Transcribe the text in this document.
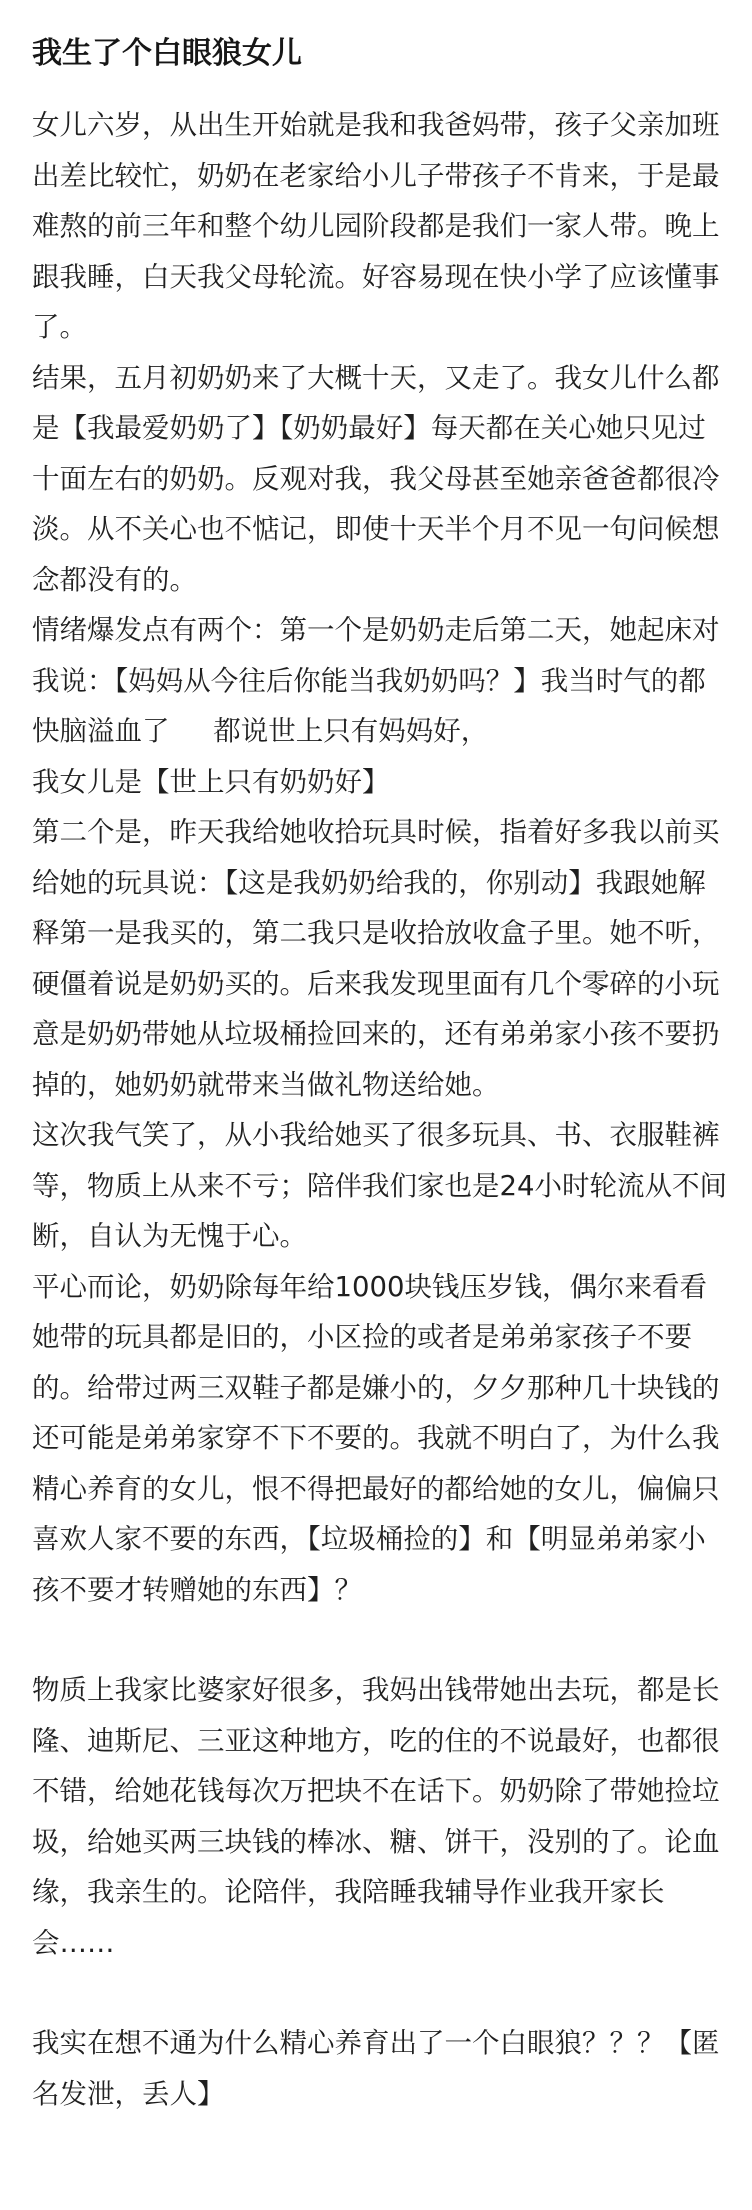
我生了个白眼狼女儿

女儿六岁，从出生开始就是我和我爸妈带，孩子父亲加班出差比较忙，奶奶在老家给小儿子带孩子不肯来，于是最难熬的前三年和整个幼儿园阶段都是我们一家人带。晚上跟我睡，白天我父母轮流。好容易现在快小学了应该懂事了。

结果，五月初奶奶来了大概十天，又走了。我女儿什么都是【我最爱奶奶了】【奶奶最好】每天都在关心她只见过十面左右的奶奶。反观对我，我父母甚至她亲爸爸都很冷淡。从不关心也不惦记，即使十天半个月不见一句问候想念都没有的。

情绪爆发点有两个：第一个是奶奶走后第二天，她起床对我说：【妈妈从今往后你能当我奶奶吗？】我当时气的都快脑溢血了     都说世上只有妈妈好，
我女儿是【世上只有奶奶好】

第二个是，昨天我给她收拾玩具时候，指着好多我以前买给她的玩具说：【这是我奶奶给我的，你别动】我跟她解释第一是我买的，第二我只是收拾放收盒子里。她不听，硬僵着说是奶奶买的。后来我发现里面有几个零碎的小玩意是奶奶带她从垃圾桶捡回来的，还有弟弟家小孩不要扔掉的，她奶奶就带来当做礼物送给她。

这次我气笑了，从小我给她买了很多玩具、书、衣服鞋裤等，物质上从来不亏；陪伴我们家也是24小时轮流从不间断，自认为无愧于心。

平心而论，奶奶除每年给1000块钱压岁钱，偶尔来看看她带的玩具都是旧的，小区捡的或者是弟弟家孩子不要的。给带过两三双鞋子都是嫌小的，夕夕那种几十块钱的还可能是弟弟家穿不下不要的。我就不明白了，为什么我精心养育的女儿，恨不得把最好的都给她的女儿，偏偏只喜欢人家不要的东西，【垃圾桶捡的】和【明显弟弟家小孩不要才转赠她的东西】？

物质上我家比婆家好很多，我妈出钱带她出去玩，都是长隆、迪斯尼、三亚这种地方，吃的住的不说最好，也都很不错，给她花钱每次万把块不在话下。奶奶除了带她捡垃圾，给她买两三块钱的棒冰、糖、饼干，没别的了。论血缘，我亲生的。论陪伴，我陪睡我辅导作业我开家长会……

我实在想不通为什么精心养育出了一个白眼狼？？？【匿名发泄，丢人】
